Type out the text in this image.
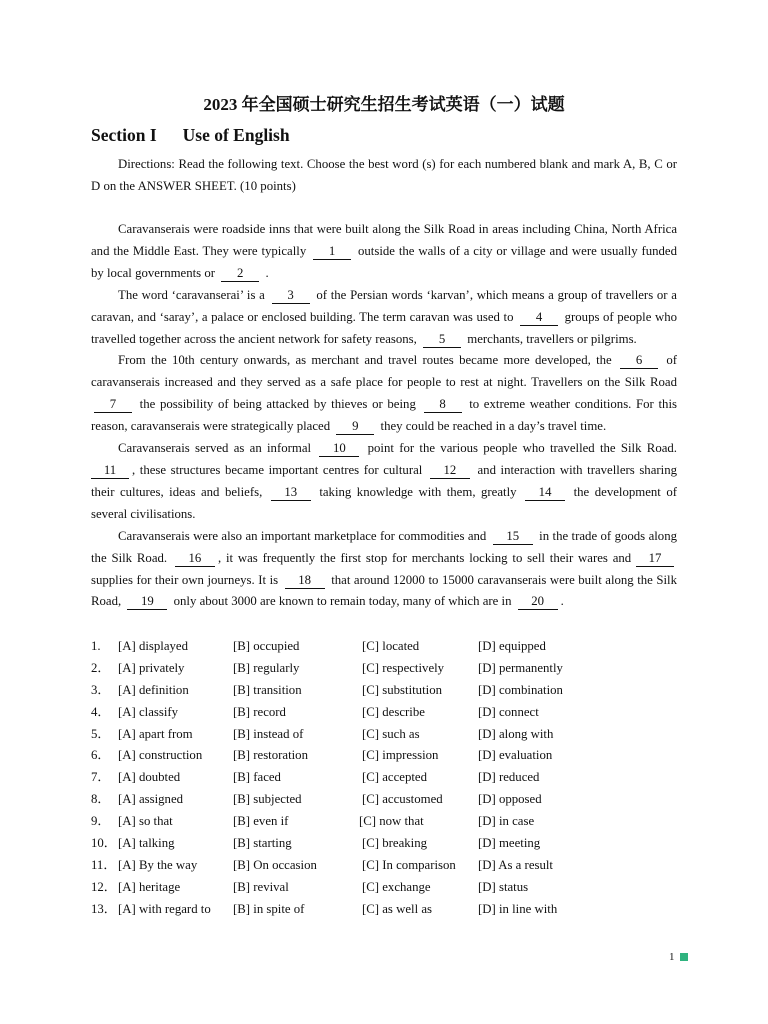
2023 年全国硕士研究生招生考试英语（一）试题
Section I Use of English

Directions: Read the following text. Choose the best word (s) for each numbered blank and mark A, B, C or D on the ANSWER SHEET. (10 points)

Caravanserais were roadside inns that were built along the Silk Road in areas including China, North Africa and the Middle East. They were typically 1 outside the walls of a city or village and were usually funded by local governments or 2 .

The word ‘caravanserai’ is a 3 of the Persian words ‘karvan’, which means a group of travellers or a caravan, and ‘saray’, a palace or enclosed building. The term caravan was used to 4 groups of people who travelled together across the ancient network for safety reasons, 5 merchants, travellers or pilgrims.

From the 10th century onwards, as merchant and travel routes became more developed, the 6 of caravanserais increased and they served as a safe place for people to rest at night. Travellers on the Silk Road 7 the possibility of being attacked by thieves or being 8 to extreme weather conditions. For this reason, caravanserais were strategically placed 9 they could be reached in a day’s travel time.

Caravanserais served as an informal 10 point for the various people who travelled the Silk Road. 11 , these structures became important centres for cultural 12 and interaction with travellers sharing their cultures, ideas and beliefs, 13 taking knowledge with them, greatly 14 the development of several civilisations.

Caravanserais were also an important marketplace for commodities and 15 in the trade of goods along the Silk Road. 16 , it was frequently the first stop for merchants locking to sell their wares and 17 supplies for their own journeys. It is 18 that around 12000 to 15000 caravanserais were built along the Silk Road, 19 only about 3000 are known to remain today, many of which are in 20 .

1. [A] displayed	[B] occupied	[C] located	[D] equipped
2． [A] privately	[B] regularly	[C] respectively	[D] permanently
3． [A] definition	[B] transition	[C] substitution	[D] combination
4． [A] classify	[B] record	[C] describe	[D] connect
5． [A] apart from	[B] instead of	[C] such as	[D] along with
6． [A] construction [B] restoration	[C] impression	[D] evaluation
7． [A] doubted	[B] faced	[C] accepted	[D] reduced
8． [A] assigned	[B] subjected	[C] accustomed	[D] opposed
9． [A] so that	[B] even if	[C] now that	[D] in case
10． [A] talking	[B] starting	[C] breaking	[D] meeting
11． [A] By the way	[B] On occasion	[C] In comparison [D] As a result
12． [A] heritage	[B] revival	[C] exchange	[D] status
13． [A] with regard to [B] in spite of	[C] as well as	[D] in line with
1
